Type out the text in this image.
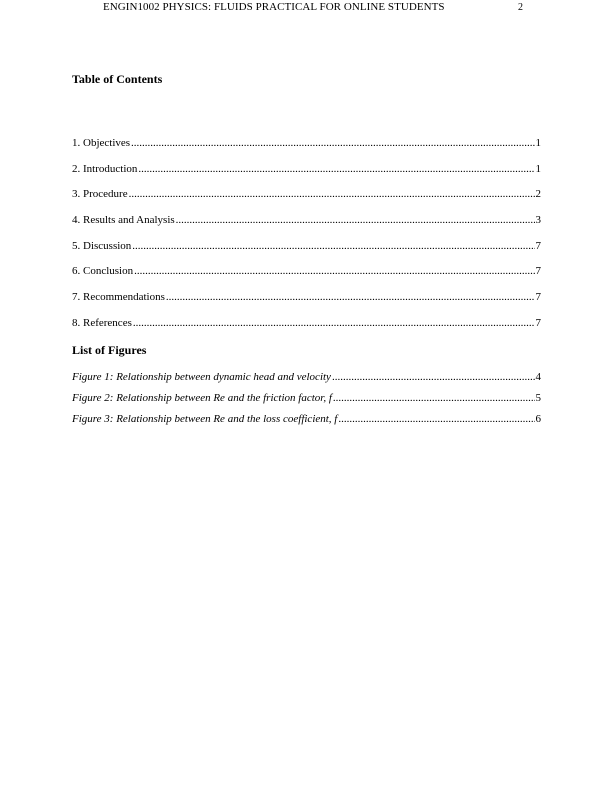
ENGIN1002 PHYSICS: FLUIDS PRACTICAL FOR ONLINE STUDENTS	2
Table of Contents
1. Objectives .....	1
2. Introduction .....	1
3. Procedure .....	2
4. Results and Analysis .....	3
5. Discussion .....	7
6. Conclusion .....	7
7. Recommendations .....	7
8. References .....	7
List of Figures
Figure 1: Relationship between dynamic head and velocity .....	4
Figure 2: Relationship between Re and the friction factor, f .....	5
Figure 3: Relationship between Re and the loss coefficient, f .....	6
